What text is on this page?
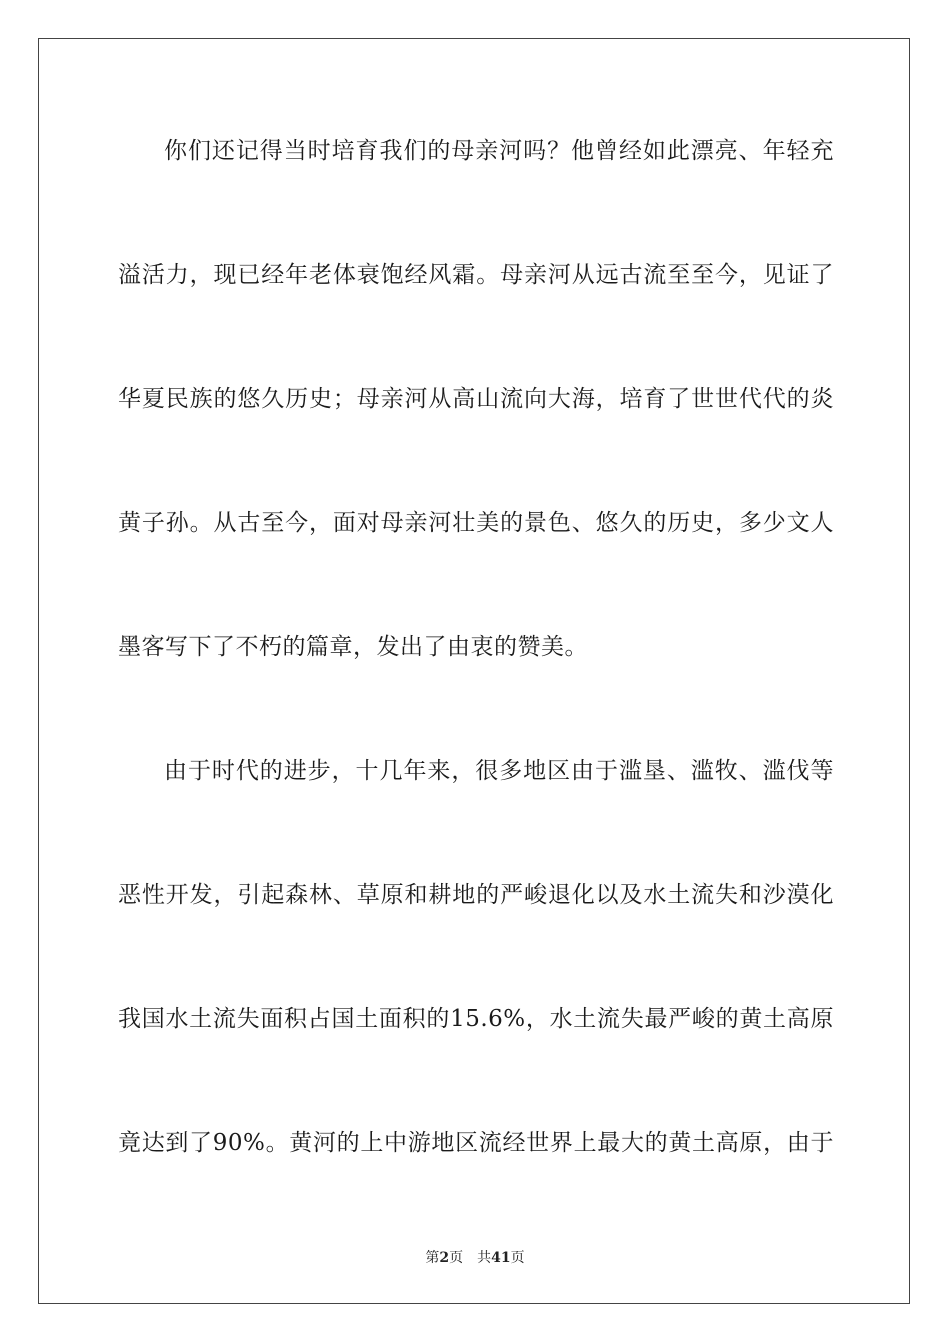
你们还记得当时培育我们的母亲河吗？他曾经如此漂亮、年轻充
溢活力，现已经年老体衰饱经风霜。母亲河从远古流至至今，见证了
华夏民族的悠久历史；母亲河从高山流向大海，培育了世世代代的炎
黄子孙。从古至今，面对母亲河壮美的景色、悠久的历史，多少文人
墨客写下了不朽的篇章，发出了由衷的赞美。
由于时代的进步，十几年来，很多地区由于滥垦、滥牧、滥伐等
恶性开发，引起森林、草原和耕地的严峻退化以及水土流失和沙漠化
我国水土流失面积占国土面积的15.6%，水土流失最严峻的黄土高原
竟达到了90%。黄河的上中游地区流经世界上最大的黄土高原，由于
第2页 共41页
